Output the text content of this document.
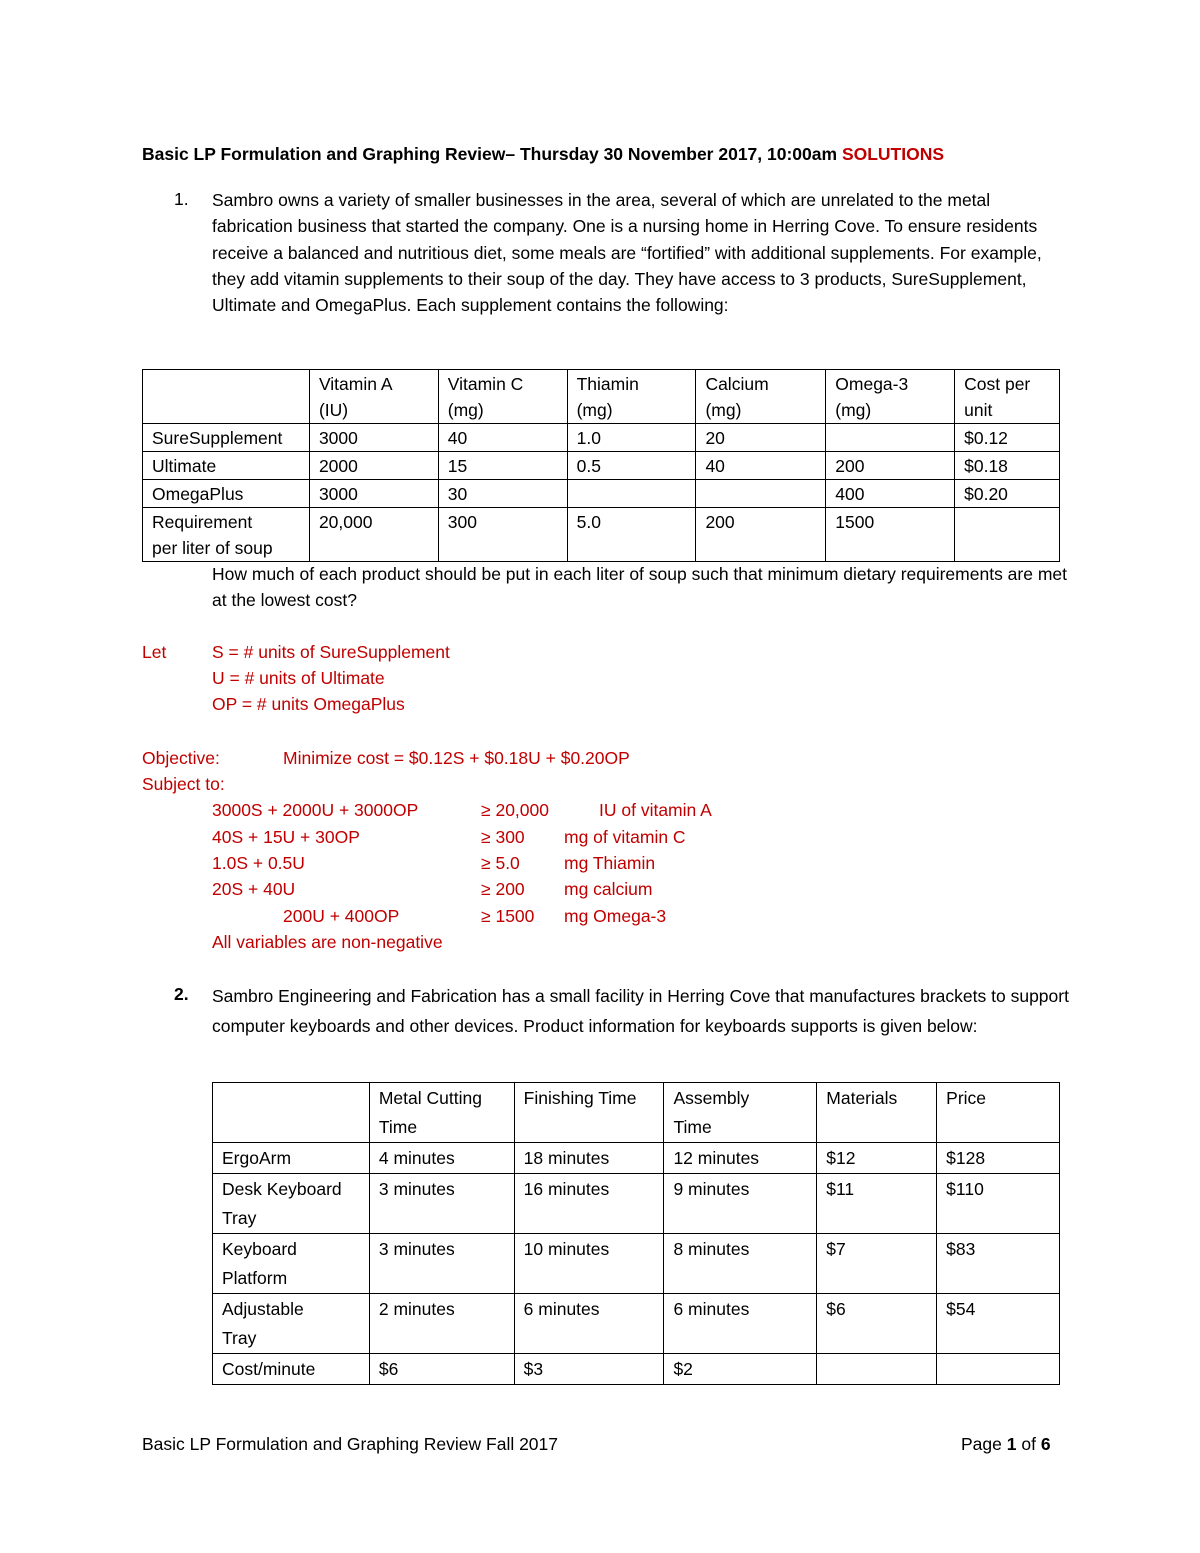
Basic LP Formulation and Graphing Review– Thursday 30 November 2017, 10:00am SOLUTIONS
1. Sambro owns a variety of smaller businesses in the area, several of which are unrelated to the metal fabrication business that started the company. One is a nursing home in Herring Cove. To ensure residents receive a balanced and nutritious diet, some meals are “fortified” with additional supplements. For example, they add vitamin supplements to their soup of the day. They have access to 3 products, SureSupplement, Ultimate and OmegaPlus. Each supplement contains the following:
	Vitamin A
(IU)	Vitamin C
(mg)	Thiamin
(mg)	Calcium
(mg)	Omega-3
(mg)	Cost per
unit
SureSupplement	3000	40	1.0	20		$0.12
Ultimate	2000	15	0.5	40	200	$0.18
OmegaPlus	3000	30			400	$0.20
Requirement
per liter of soup	20,000	300	5.0	200	1500	
How much of each product should be put in each liter of soup such that minimum dietary requirements are met at the lowest cost?
Let	S = # units of SureSupplement
U = # units of Ultimate
OP = # units OmegaPlus
Objective:	Minimize cost = $0.12S + $0.18U + $0.20OP
Subject to:
3000S + 2000U + 3000OP	≥ 20,000	IU of vitamin A
40S + 15U + 30OP	≥ 300 mg of vitamin C
1.0S + 0.5U	≥ 5.0	mg Thiamin
20S + 40U	≥ 200 mg calcium
200U + 400OP	≥ 1500 mg Omega-3
All variables are non-negative
2. Sambro Engineering and Fabrication has a small facility in Herring Cove that manufactures brackets to support computer keyboards and other devices. Product information for keyboards supports is given below:
	Metal Cutting
Time	Finishing Time	Assembly
Time	Materials	Price
ErgoArm	4 minutes	18 minutes	12 minutes	$12	$128
Desk Keyboard
Tray	3 minutes	16 minutes	9 minutes	$11	$110
Keyboard
Platform	3 minutes	10 minutes	8 minutes	$7	$83
Adjustable
Tray	2 minutes	6 minutes	6 minutes	$6	$54
Cost/minute	$6	$3	$2		
Basic LP Formulation and Graphing Review Fall 2017	Page 1 of 6
